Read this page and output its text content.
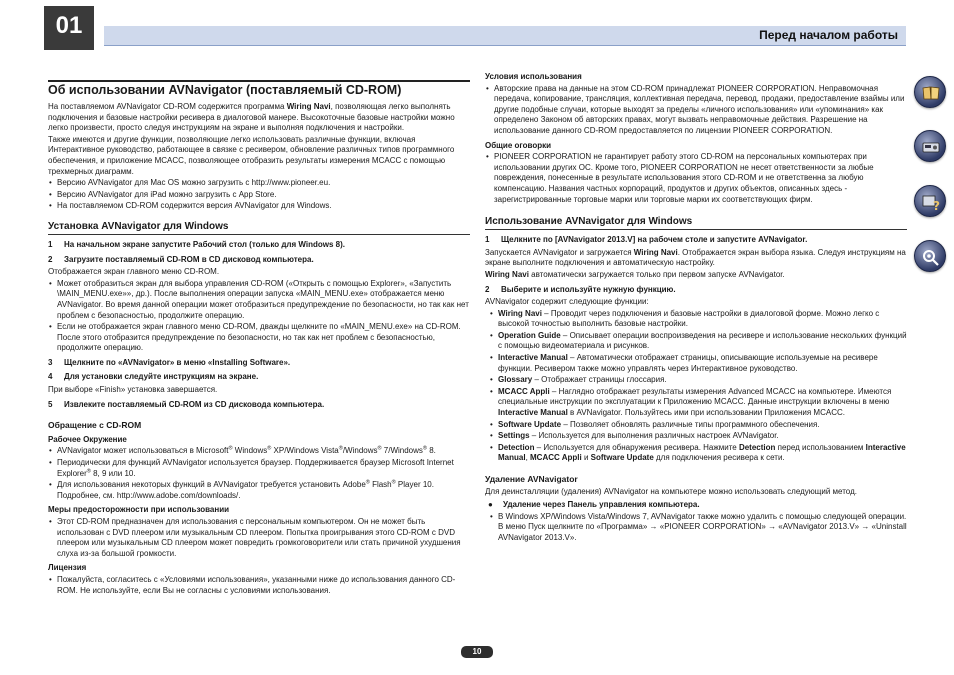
01	Перед началом работы
Об использовании AVNavigator (поставляемый CD-ROM)

На поставляемом AVNavigator CD-ROM содержится программа Wiring Navi, позволяющая легко выполнять подключения и базовые настройки ресивера в диалоговой манере. Высокоточные базовые настройки можно легко произвести, просто следуя инструкциям на экране и выполняя подключения и настройки.

Также имеются и другие функции, позволяющие легко использовать различные функции, включая Интерактивное руководство, работающее в связке с ресивером, обновление различных типов программного обеспечения, и приложение MCACC, позволяющее отобразить результаты измерения MCACC с помощью трехмерных диаграмм.

• Версию AVNavigator для Mac OS можно загрузить с http://www.pioneer.eu.
• Версию AVNavigator для iPad можно загрузить с App Store.
• На поставляемом CD-ROM содержится версия AVNavigator для Windows.
Установка AVNavigator для Windows

1 На начальном экране запустите Рабочий стол (только для Windows 8).

2 Загрузите поставляемый CD-ROM в CD дисковод компьютера.

Отображается экран главного меню CD-ROM.

• Может отобразиться экран для выбора управления CD-ROM («Открыть с помощью Explorer», «Запустить \MAIN_MENU.exe»», др.). После выполнения операции запуска «MAIN_MENU.exe» отображается меню AVNavigator. Во время данной операции может отобразиться предупреждение по безопасности, но так как нет проблем с безопасностью, продолжите операцию.
• Если не отображается экран главного меню CD-ROM, дважды щелкните по «MAIN_MENU.exe» на CD-ROM. После этого отобразится предупреждение по безопасности, но так как нет проблем с безопасностью, продолжите операцию.

3 Щелкните по «AVNavigator» в меню «Installing Software».

4 Для установки следуйте инструкциям на экране.

При выборе «Finish» установка завершается.

5 Извлеките поставляемый CD-ROM из CD дисковода компьютера.

Обращение с CD-ROM
Рабочее Окружение
• AVNavigator может использоваться в Microsoft® Windows® XP/Windows Vista®/Windows® 7/Windows® 8.
• Периодически для функций AVNavigator используется браузер. Поддерживается браузер Microsoft Internet Explorer® 8, 9 или 10.
• Для использования некоторых функций в AVNavigator требуется установить Adobe® Flash® Player 10. Подробнее, см. http://www.adobe.com/downloads/.
Меры предосторожности при использовании
• Этот CD-ROM предназначен для использования с персональным компьютером. Он не может быть использован с DVD плеером или музыкальным CD плеером. Попытка проигрывания этого CD-ROM с DVD плеером или музыкальным CD плеером может повредить громкоговорители или стать причиной ухудшения слуха из-за большой громкости.
Лицензия
• Пожалуйста, согласитесь с «Условиями использования», указанными ниже до использования данного CD-ROM. Не используйте, если Вы не согласны с условиями использования.
Условия использования
• Авторские права на данные на этом CD-ROM принадлежат PIONEER CORPORATION. Неправомочная передача, копирование, трансляция, коллективная передача, перевод, продажи, предоставление взаймы или другие подобные случаи, которые выходят за пределы «личного использования» или «упоминания» как определено Законом об авторских правах, могут вызвать неправомочные действия. Разрешение на использование данного CD-ROM предоставляется по лицензии PIONEER CORPORATION.
Общие оговорки
• PIONEER CORPORATION не гарантирует работу этого CD-ROM на персональных компьютерах при использовании других ОС. Кроме того, PIONEER CORPORATION не несет ответственности за любые повреждения, понесенные в результате использования этого CD-ROM и не ответственна за любую компенсацию. Названия частных корпораций, продуктов и других объектов, описанных здесь - зарегистрированные торговые марки или торговые марки их соответствующих фирм.
Использование AVNavigator для Windows

1 Щелкните по [AVNavigator 2013.V] на рабочем столе и запустите AVNavigator.

Запускается AVNavigator и загружается Wiring Navi. Отображается экран выбора языка. Следуя инструкциям на экране выполните подключения и автоматическую настройку.

Wiring Navi автоматически загружается только при первом запуске AVNavigator.

2 Выберите и используйте нужную функцию.

AVNavigator содержит следующие функции:

• Wiring Navi – Проводит через подключения и базовые настройки в диалоговой форме. Можно легко с высокой точностью выполнить базовые настройки.
• Operation Guide – Описывает операции воспроизведения на ресивере и использование нескольких функций с помощью видеоматериала и рисунков.
• Interactive Manual – Автоматически отображает страницы, описывающие используемые на ресивере функции. Ресивером также можно управлять через Интерактивное руководство.
• Glossary – Отображает страницы глоссария.
• MCACC Appli – Наглядно отображает результаты измерения Advanced MCACC на компьютере. Имеются специальные инструкции по эксплуатации к Приложению MCACC. Данные инструкции включены в меню Interactive Manual в AVNavigator. Пользуйтесь ими при использовании Приложения MCACC.
• Software Update – Позволяет обновлять различные типы программного обеспечения.
• Settings – Используется для выполнения различных настроек AVNavigator.
• Detection – Используется для обнаружения ресивера. Нажмите Detection перед использованием Interactive Manual, MCACC Appli и Software Update для подключения ресивера к сети.
Удаление AVNavigator

Для деинсталляции (удаления) AVNavigator на компьютере можно использовать следующий метод.

● Удаление через Панель управления компьютера.
• В Windows XP/Windows Vista/Windows 7, AVNavigator также можно удалить с помощью следующей операции.
В меню Пуск щелкните по «Программа» → «PIONEER CORPORATION» → «AVNavigator 2013.V» → «Uninstall AVNavigator 2013.V».
?
10
